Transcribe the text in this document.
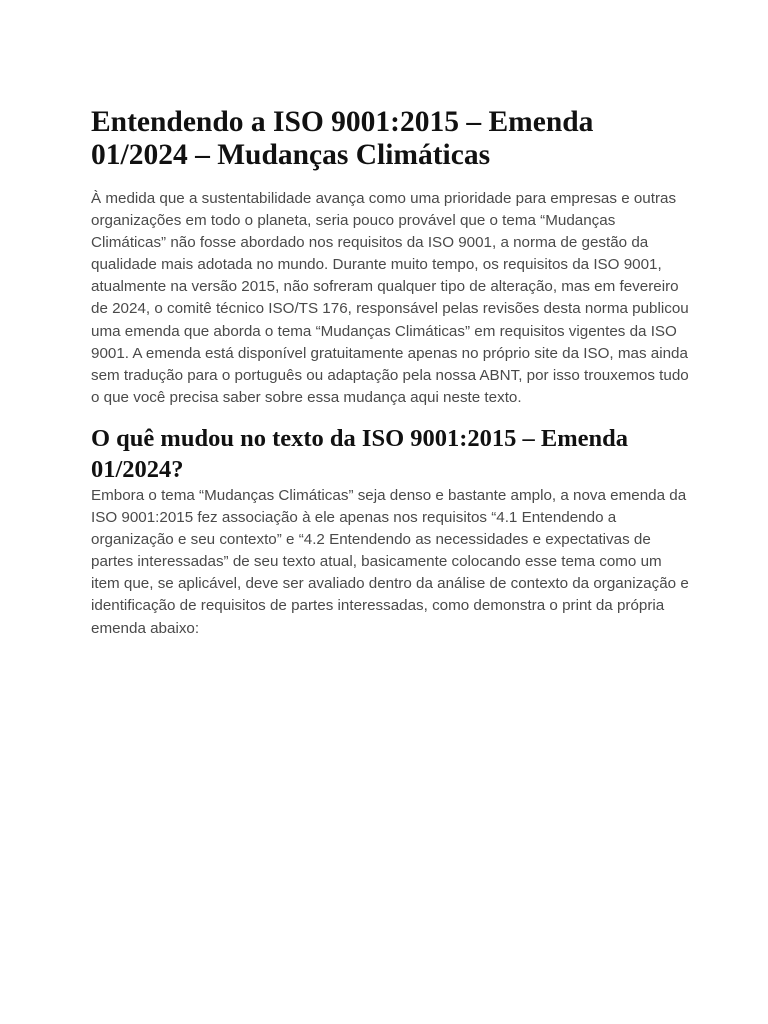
Entendendo a ISO 9001:2015 – Emenda 01/2024 – Mudanças Climáticas

À medida que a sustentabilidade avança como uma prioridade para empresas e outras organizações em todo o planeta, seria pouco provável que o tema “Mudanças Climáticas” não fosse abordado nos requisitos da ISO 9001, a norma de gestão da qualidade mais adotada no mundo. Durante muito tempo, os requisitos da ISO 9001, atualmente na versão 2015, não sofreram qualquer tipo de alteração, mas em fevereiro de 2024, o comitê técnico ISO/TS 176, responsável pelas revisões desta norma publicou uma emenda que aborda o tema “Mudanças Climáticas” em requisitos vigentes da ISO 9001. A emenda está disponível gratuitamente apenas no próprio site da ISO, mas ainda sem tradução para o português ou adaptação pela nossa ABNT, por isso trouxemos tudo o que você precisa saber sobre essa mudança aqui neste texto.

O quê mudou no texto da ISO 9001:2015 – Emenda 01/2024?

Embora o tema “Mudanças Climáticas” seja denso e bastante amplo, a nova emenda da ISO 9001:2015 fez associação à ele apenas nos requisitos “4.1 Entendendo a organização e seu contexto” e “4.2 Entendendo as necessidades e expectativas de partes interessadas” de seu texto atual, basicamente colocando esse tema como um item que, se aplicável, deve ser avaliado dentro da análise de contexto da organização e identificação de requisitos de partes interessadas, como demonstra o print da própria emenda abaixo:
